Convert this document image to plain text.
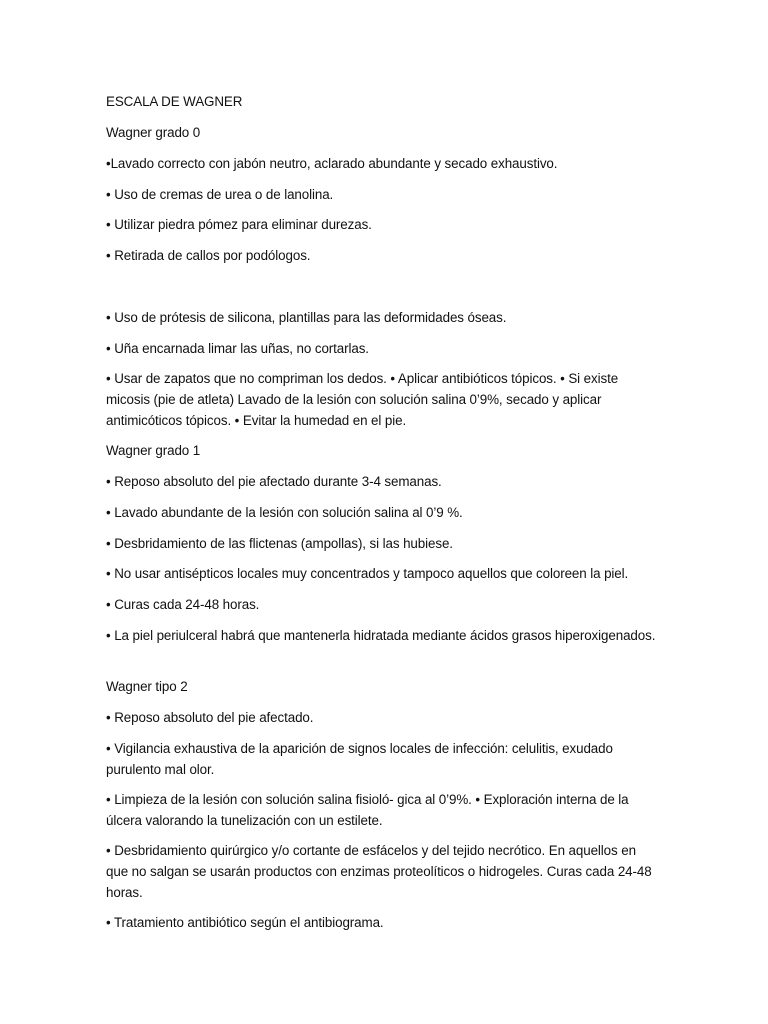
ESCALA DE WAGNER
Wagner grado 0
•Lavado correcto con jabón neutro, aclarado abundante y secado exhaustivo.
• Uso de cremas de urea o de lanolina.
• Utilizar piedra pómez para eliminar durezas.
• Retirada de callos por podólogos.
• Uso de prótesis de silicona, plantillas para las deformidades óseas.
• Uña encarnada limar las uñas, no cortarlas.
• Usar de zapatos que no compriman los dedos. • Aplicar antibióticos tópicos. • Si existe micosis (pie de atleta) Lavado de la lesión con solución salina 0’9%, secado y aplicar antimicóticos tópicos. • Evitar la humedad en el pie.
Wagner grado 1
• Reposo absoluto del pie afectado durante 3-4 semanas.
• Lavado abundante de la lesión con solución salina al 0’9 %.
• Desbridamiento de las flictenas (ampollas), si las hubiese.
• No usar antisépticos locales muy concentrados y tampoco aquellos que coloreen la piel.
• Curas cada 24-48 horas.
• La piel periulceral habrá que mantenerla hidratada mediante ácidos grasos hiperoxigenados.
Wagner tipo 2
• Reposo absoluto del pie afectado.
• Vigilancia exhaustiva de la aparición de signos locales de infección: celulitis, exudado purulento mal olor.
• Limpieza de la lesión con solución salina fisioló- gica al 0’9%. • Exploración interna de la úlcera valorando la tunelización con un estilete.
• Desbridamiento quirúrgico y/o cortante de esfácelos y del tejido necrótico. En aquellos en que no salgan se usarán productos con enzimas proteolíticos o hidrogeles. Curas cada 24-48 horas.
• Tratamiento antibiótico según el antibiograma.
